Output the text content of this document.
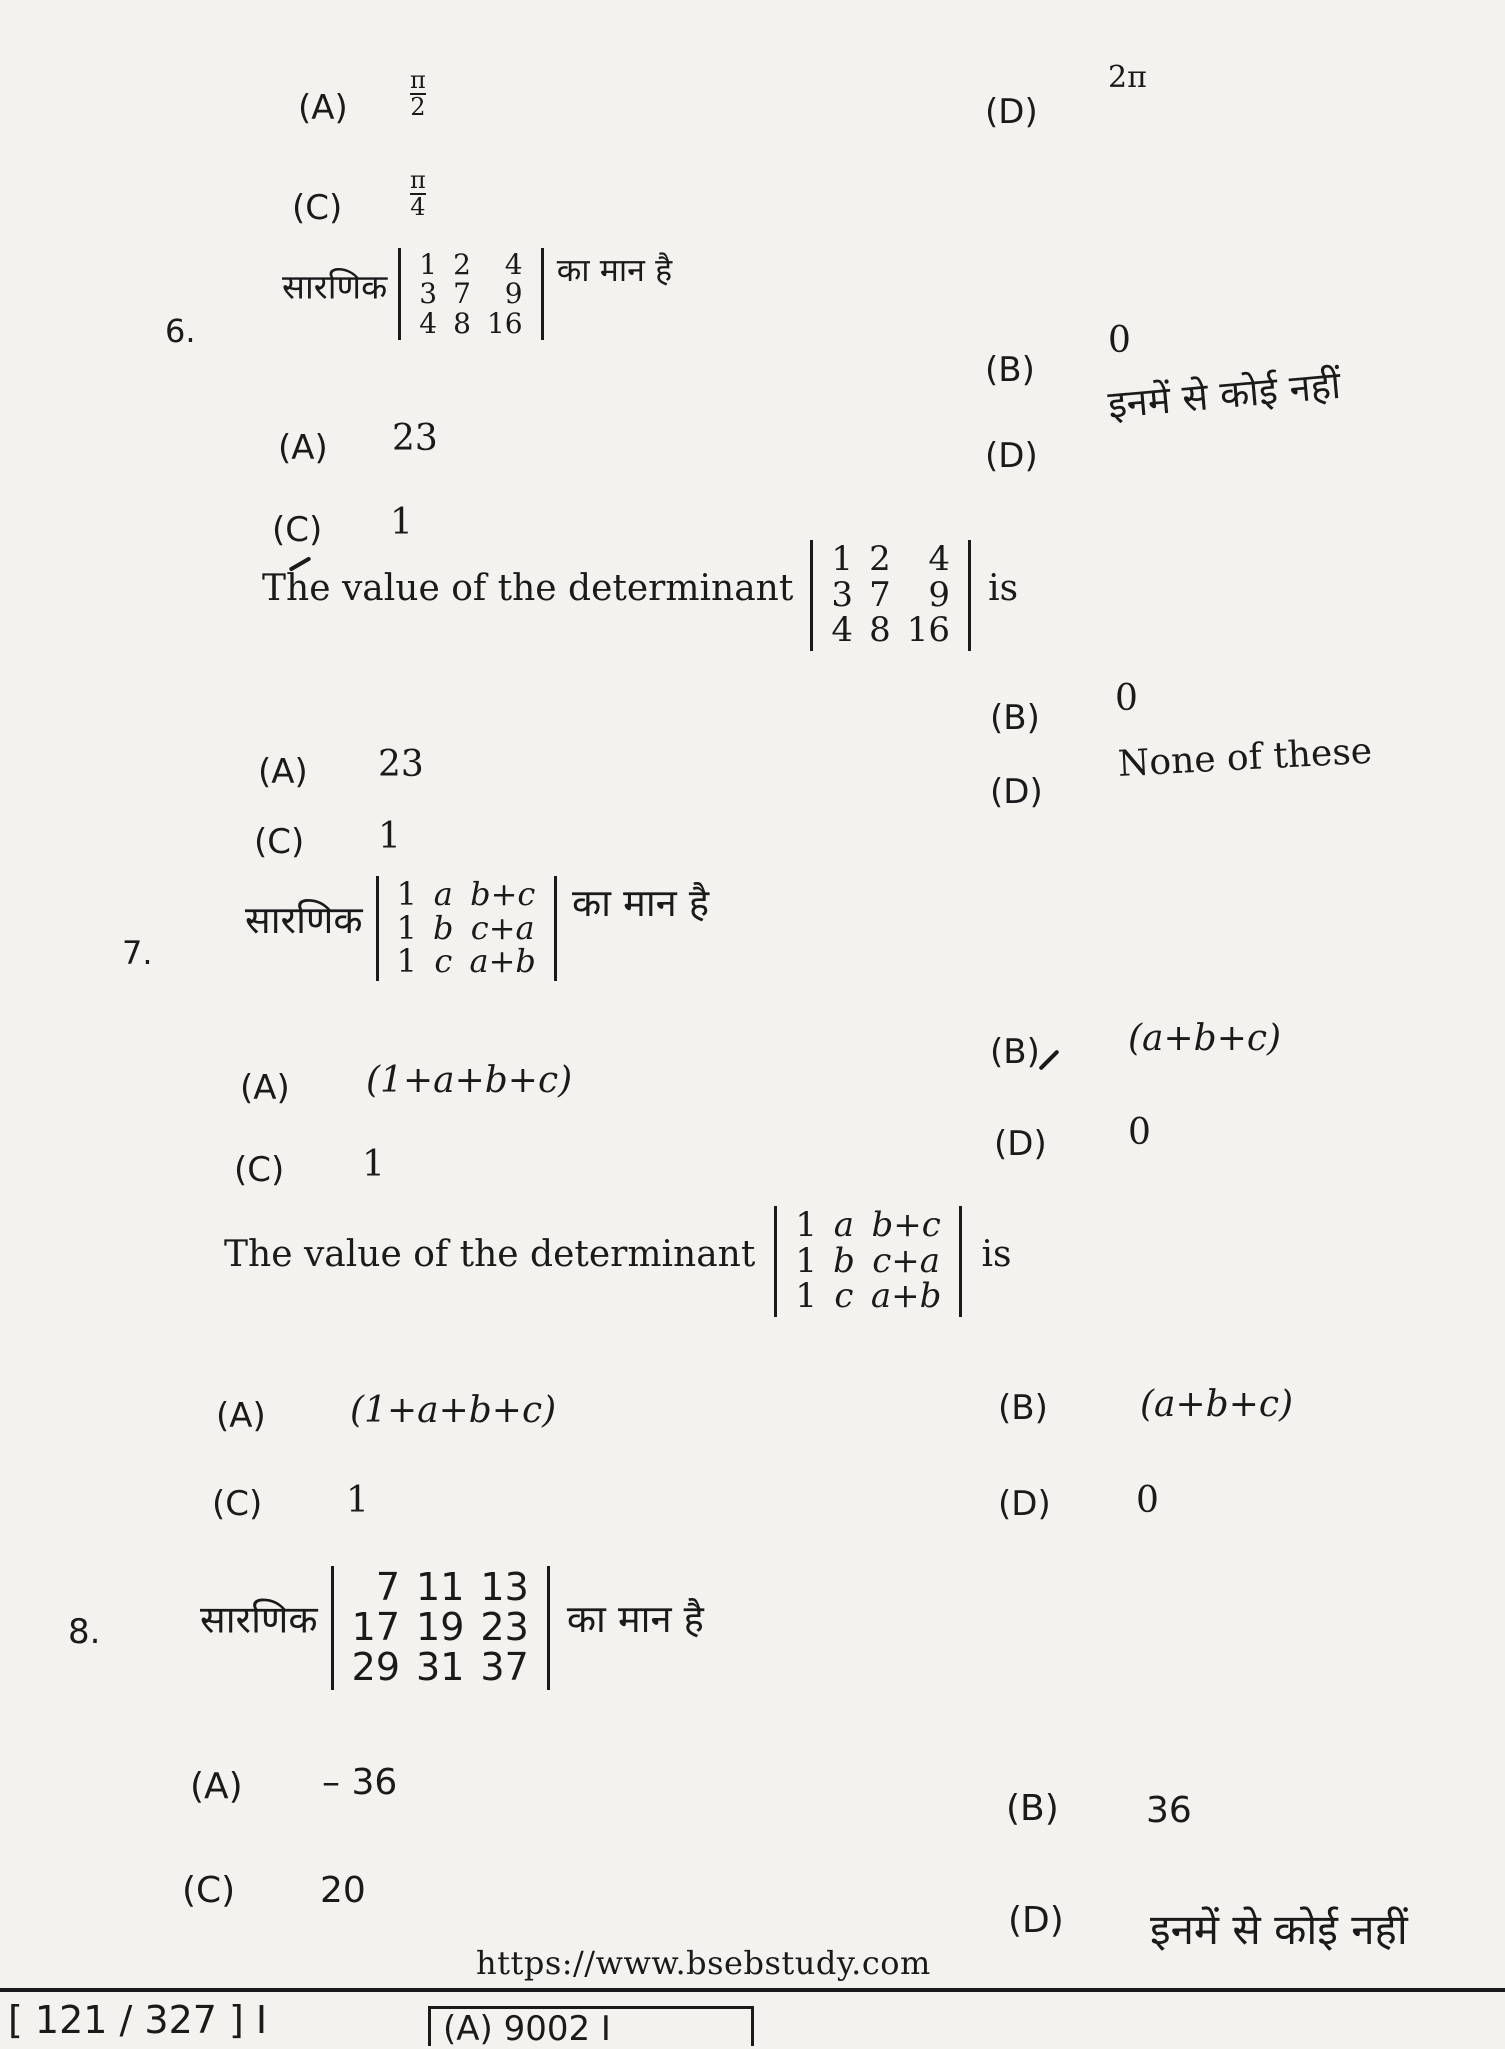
(A)	$\frac{\pi}{2}$	(D)
2π
(C)	$\frac{\pi}{4}$
6.
सारणिक
1	2	4
3	7	9
4	8	16
का मान है
(B)
0
(A) 23	(D)
इनमें से कोई नहीं
(C) 1
The value of the determinant
1	2	4
3	7	9
4	8	16
is
(B) 0
(A) 23
(D)
None of these
(C) 1
7.
सारणिक
1	a	b+c
1	b	c+a
1	c	a+b
का मान है
(B) (a+b+c)
(A) (1+a+b+c)
(D) 0
(C) 1
The value of the determinant
1	a	b+c
1	b	c+a
1	c	a+b
is
(A) (1+a+b+c)	(B)	(a+b+c)
(C) 1	(D) 0
8.	सारणिक
7	11	13
17	19	23
29	31	37
का मान है
(A) – 36
(B) 36
(C) 20
(D) इनमें से कोई नहीं
https://www.bsebstudy.com
[ 121 / 327 ] I	(A) 9002 I
